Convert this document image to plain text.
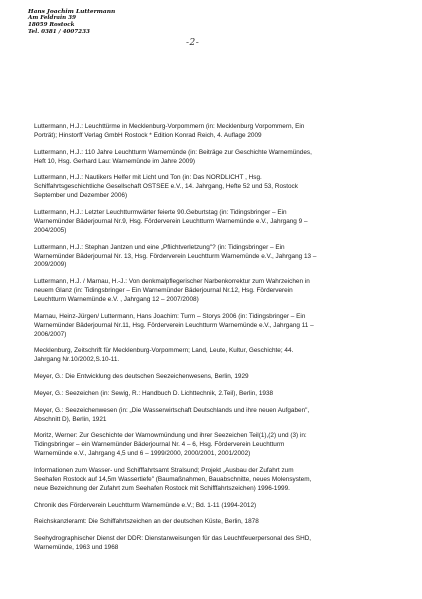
Hans Joachim Luttermann
Am Feldrain 39
18059 Rostock
Tel. 0381 / 4007233
-2-

Luttermann, H.J.: Leuchttürme in Mecklenburg-Vorpommern (in: Mecklenburg Vorpommern, Ein

Porträt); Hinstorff Verlag GmbH Rostock * Edition Konrad Reich, 4. Auflage 2009

Luttermann, H.J.: 110 Jahre Leuchtturm Warnemünde (in: Beiträge zur Geschichte Warnemündes,

Heft 10, Hsg. Gerhard Lau: Warnemünde im Jahre 2009)

Luttermann, H.J.: Nautikers Helfer mit Licht und Ton (in: Das NORDLICHT , Hsg.

Schiffahrtsgeschichtliche Gesellschaft OSTSEE e.V., 14. Jahrgang, Hefte 52 und 53, Rostock

September und Dezember 2006)

Luttermann, H.J.: Letzter Leuchtturmwärter feierte 90.Geburtstag (in: Tidingsbringer – Ein

Warnemünder Bäderjournal Nr.9, Hsg. Förderverein Leuchtturm Warnemünde e.V., Jahrgang 9 –

2004/2005)

Luttermann, H.J.: Stephan Jantzen und eine „Pflichtverletzung"? (in: Tidingsbringer – Ein

Warnemünder Bäderjournal Nr. 13, Hsg. Förderverein Leuchtturm Warnemünde e.V., Jahrgang 13 –

2009/2009)

Luttermann, H.J. / Marnau, H.-J.: Von denkmalpflegerischer Narbenkorrektur zum Wahrzeichen in

neuem Glanz (in: Tidingsbringer – Ein Warnemünder Bäderjournal Nr.12, Hsg. Förderverein

Leuchtturm Warnemünde e.V. , Jahrgang 12 – 2007/2008)

Marnau, Heinz-Jürgen/ Luttermann, Hans Joachim: Turm – Storys 2006 (in: Tidingsbringer – Ein

Warnemünder Bäderjournal Nr.11, Hsg. Förderverein Leuchtturm Warnemünde e.V., Jahrgang 11 –

2006/2007)

Mecklenburg, Zeitschrift für Mecklenburg-Vorpommern; Land, Leute, Kultur, Geschichte; 44.

Jahrgang Nr.10/2002,S.10-11.

Meyer, G.: Die Entwicklung des deutschen Seezeichenwesens, Berlin, 1929

Meyer, G.: Seezeichen (in: Sewig, R.: Handbuch D. Lichttechnik, 2.Teil), Berlin, 1938

Meyer, G.: Seezeichenwesen (in: „Die Wasserwirtschaft Deutschlands und ihre neuen Aufgaben",

Abschnitt D), Berlin, 1921

Moritz, Werner: Zur Geschichte der Warnowmündung und ihrer Seezeichen Teil(1),(2) und (3) in:

Tidingsbringer – ein Warnemünder Bäderjournal Nr. 4 – 6, Hsg. Förderverein Leuchtturm

Warnemünde e.V., Jahrgang 4,5 und 6 – 1999/2000, 2000/2001, 2001/2002)

Informationen zum Wasser- und Schifffahrtsamt Stralsund; Projekt „Ausbau der Zufahrt zum

Seehafen Rostock auf 14,5m Wassertiefe" (Baumaßnahmen, Bauabschnitte, neues Molensystem,

neue Bezeichnung der Zufahrt zum Seehafen Rostock mit Schifffahrtszeichen) 1996-1999.

Chronik des Förderverein Leuchtturm Warnemünde e.V.; Bd. 1-11 (1994-2012)

Reichskanzleramt: Die Schiffahrtszeichen an der deutschen Küste, Berlin, 1878

Seehydrographischer Dienst der DDR: Dienstanweisungen für das Leuchtfeuerpersonal des SHD,

Warnemünde, 1963 und 1968
